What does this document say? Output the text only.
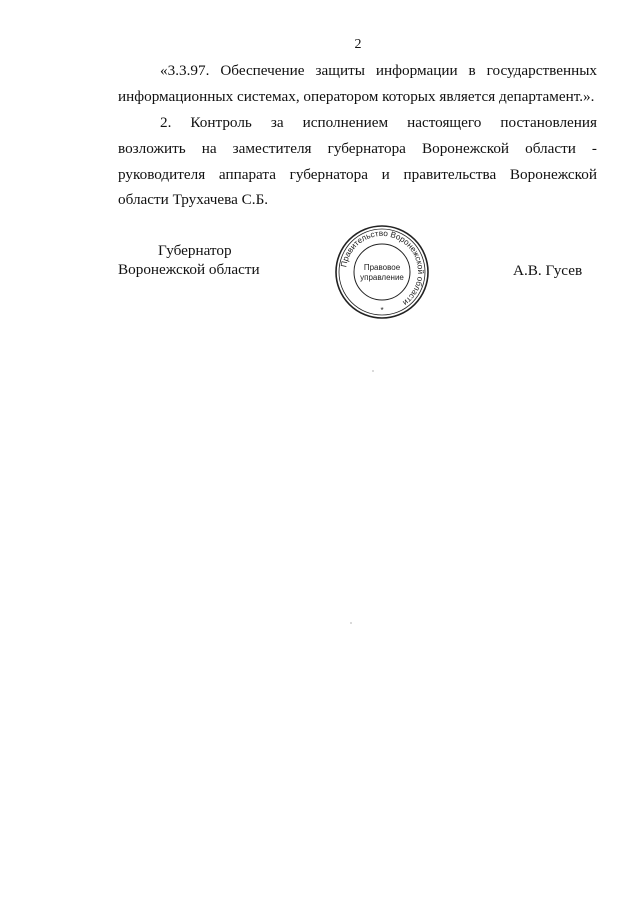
2
«3.3.97. Обеспечение защиты информации в государственных
информационных системах, оператором которых является департамент.».
2. Контроль за исполнением настоящего постановления
возложить на заместителя губернатора Воронежской области -
руководителя аппарата губернатора и правительства Воронежской
области Трухачева С.Б.
Губернатор
Воронежской области	Правительство Воронежской области
Правовое
управление
*
А.В. Гусев
